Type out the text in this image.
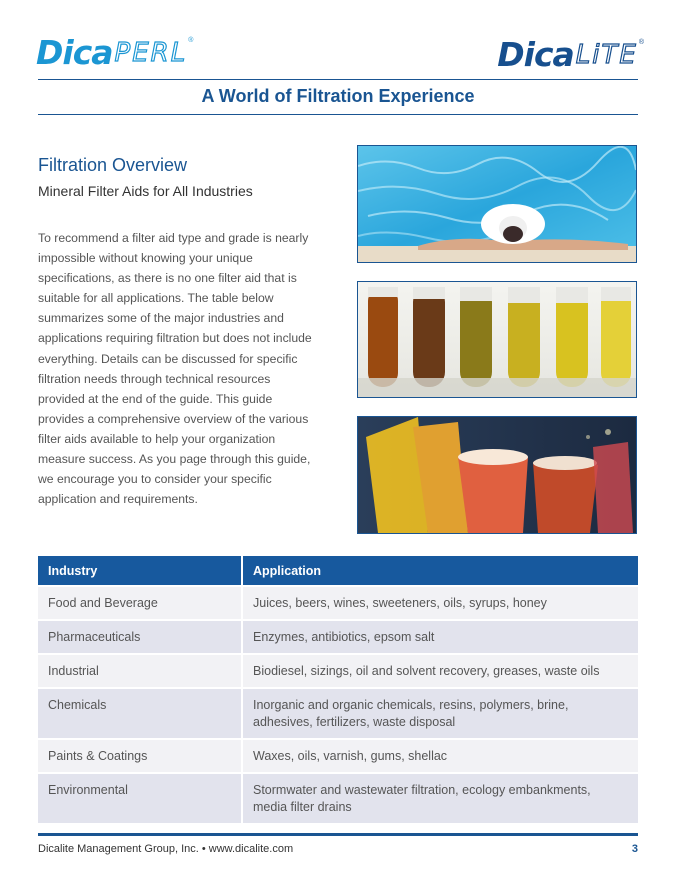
Dica PERL ®	Dica LiTE ®
A World of Filtration Experience
Filtration Overview
Mineral Filter Aids for All Industries
To recommend a filter aid type and grade is nearly impossible without knowing your unique specifications, as there is no one filter aid that is suitable for all applications. The table below summarizes some of the major industries and applications requiring filtration but does not include everything. Details can be discussed for specific filtration needs through technical resources provided at the end of the guide. This guide provides a comprehensive overview of the various filter aids available to help your organization measure success. As you page through this guide, we encourage you to consider your specific application and requirements.
Industry	Application
Food and Beverage	Juices, beers, wines, sweeteners, oils, syrups, honey
Pharmaceuticals	Enzymes, antibiotics, epsom salt
Industrial	Biodiesel, sizings, oil and solvent recovery, greases, waste oils
Chemicals	Inorganic and organic chemicals, resins, polymers, brine, adhesives, fertilizers, waste disposal
Paints & Coatings	Waxes, oils, varnish, gums, shellac
Environmental	Stormwater and wastewater filtration, ecology embankments, media filter drains
Dicalite Management Group, Inc. • www.dicalite.com	3
